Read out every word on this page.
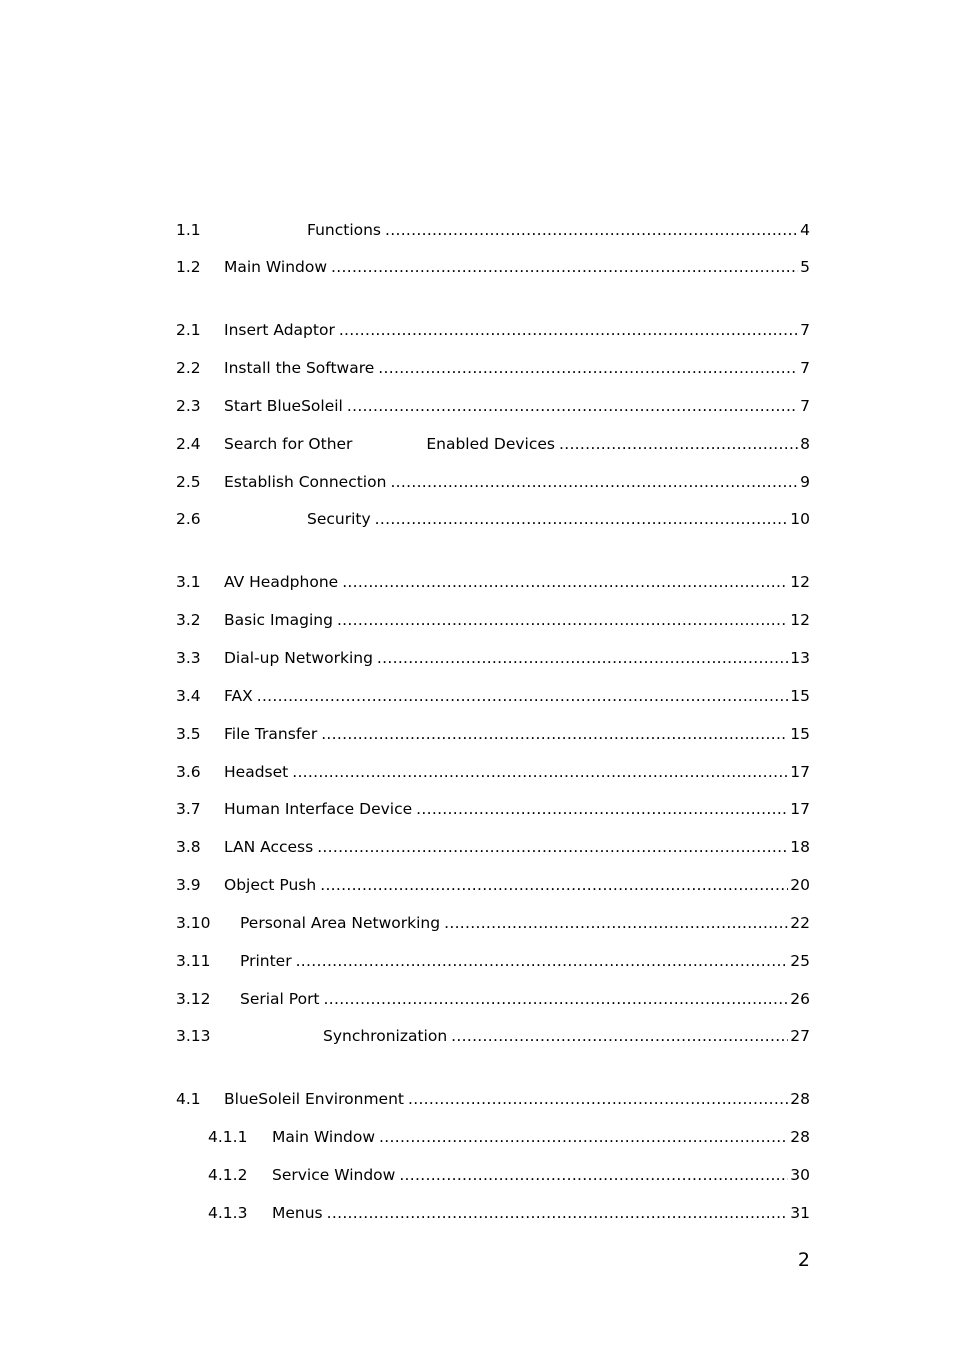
1.1	Functions .....	4
1.2 Main Window .....	5
2.1 Insert Adaptor .....	7
2.2 Install the Software .....	7
2.3 Start BlueSoleil .....	7
2.4 Search for Other               Enabled Devices .....	8
2.5 Establish Connection .....	9
2.6	Security .....	10
3.1 AV Headphone .....	12
3.2 Basic Imaging .....	12
3.3 Dial-up Networking .....	13
3.4 FAX .....	15
3.5 File Transfer .....	15
3.6 Headset .....	17
3.7 Human Interface Device .....	17
3.8 LAN Access .....	18
3.9 Object Push .....	20
3.10 Personal Area Networking .....	22
3.11 Printer .....	25
3.12 Serial Port .....	26
3.13	Synchronization .....	27
4.1 BlueSoleil Environment .....	28
4.1.1 Main Window .....	28
4.1.2 Service Window .....	30
4.1.3 Menus .....	31
2
